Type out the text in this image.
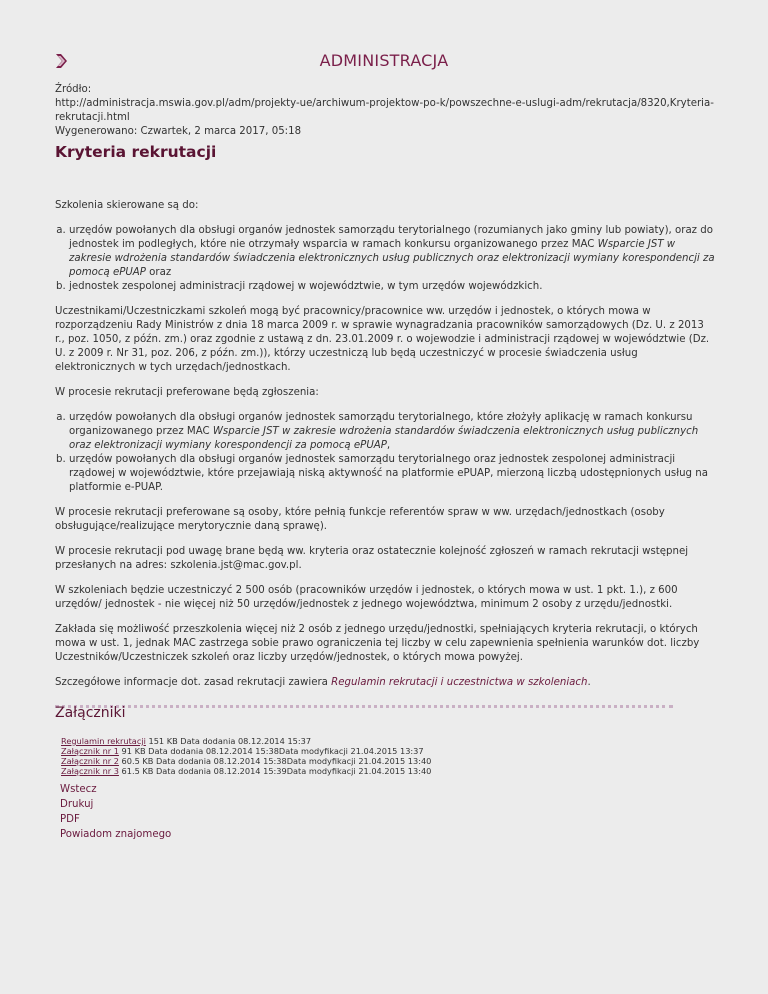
ADMINISTRACJA
Źródło:
http://administracja.mswia.gov.pl/adm/projekty-ue/archiwum-projektow-po-k/powszechne-e-uslugi-adm/rekrutacja/8320,Kryteria-rekrutacji.html
Wygenerowano: Czwartek, 2 marca 2017, 05:18
Kryteria rekrutacji

Szkolenia skierowane są do:

a. urzędów powołanych dla obsługi organów jednostek samorządu terytorialnego (rozumianych jako gminy lub powiaty), oraz do jednostek im podległych, które nie otrzymały wsparcia w ramach konkursu organizowanego przez MAC Wsparcie JST w zakresie wdrożenia standardów świadczenia elektronicznych usług publicznych oraz elektronizacji wymiany korespondencji za pomocą ePUAP oraz
b. jednostek zespolonej administracji rządowej w województwie, w tym urzędów wojewódzkich.

Uczestnikami/Uczestniczkami szkoleń mogą być pracownicy/pracownice ww. urzędów i jednostek, o których mowa w rozporządzeniu Rady Ministrów z dnia 18 marca 2009 r. w sprawie wynagradzania pracowników samorządowych (Dz. U. z 2013 r., poz. 1050, z późn. zm.) oraz zgodnie z ustawą z dn. 23.01.2009 r. o wojewodzie i administracji rządowej w województwie (Dz. U. z 2009 r. Nr 31, poz. 206, z późn. zm.)), którzy uczestniczą lub będą uczestniczyć w procesie świadczenia usług elektronicznych w tych urzędach/jednostkach.

W procesie rekrutacji preferowane będą zgłoszenia:

a. urzędów powołanych dla obsługi organów jednostek samorządu terytorialnego, które złożyły aplikację w ramach konkursu organizowanego przez MAC Wsparcie JST w zakresie wdrożenia standardów świadczenia elektronicznych usług publicznych oraz elektronizacji wymiany korespondencji za pomocą ePUAP,
b. urzędów powołanych dla obsługi organów jednostek samorządu terytorialnego oraz jednostek zespolonej administracji rządowej w województwie, które przejawiają niską aktywność na platformie ePUAP, mierzoną liczbą udostępnionych usług na platformie e-PUAP.

W procesie rekrutacji preferowane są osoby, które pełnią funkcje referentów spraw w ww. urzędach/jednostkach (osoby obsługujące/realizujące merytorycznie daną sprawę).

W procesie rekrutacji pod uwagę brane będą ww. kryteria oraz ostatecznie kolejność zgłoszeń w ramach rekrutacji wstępnej przesłanych na adres: szkolenia.jst@mac.gov.pl.

W szkoleniach będzie uczestniczyć 2 500 osób (pracowników urzędów i jednostek, o których mowa w ust. 1 pkt. 1.), z 600 urzędów/ jednostek - nie więcej niż 50 urzędów/jednostek z jednego województwa, minimum 2 osoby z urzędu/jednostki.

Zakłada się możliwość przeszkolenia więcej niż 2 osób z jednego urzędu/jednostki, spełniających kryteria rekrutacji, o których mowa w ust. 1, jednak MAC zastrzega sobie prawo ograniczenia tej liczby w celu zapewnienia spełnienia warunków dot. liczby Uczestników/Uczestniczek szkoleń oraz liczby urzędów/jednostek, o których mowa powyżej.

Szczegółowe informacje dot. zasad rekrutacji zawiera Regulamin rekrutacji i uczestnictwa w szkoleniach.

Załączniki
Regulamin rekrutacji 151 KB Data dodania 08.12.2014 15:37
Załącznik nr 1 91 KB Data dodania 08.12.2014 15:38Data modyfikacji 21.04.2015 13:37
Załącznik nr 2 60.5 KB Data dodania 08.12.2014 15:38Data modyfikacji 21.04.2015 13:40
Załącznik nr 3 61.5 KB Data dodania 08.12.2014 15:39Data modyfikacji 21.04.2015 13:40
Wstecz
Drukuj
PDF
Powiadom znajomego
